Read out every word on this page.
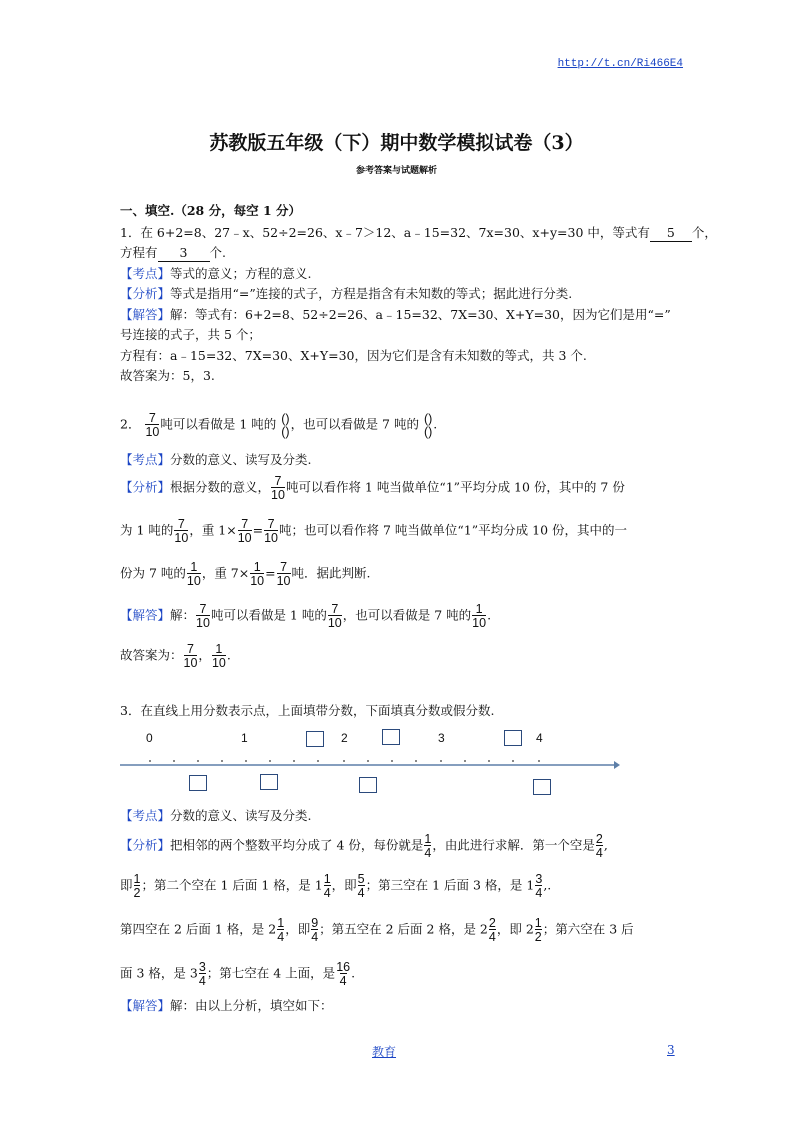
http://t.cn/Ri466E4
苏教版五年级（下）期中数学模拟试卷（3）
参考答案与试题解析
一、填空.（28 分，每空 1 分）
1．在 6+2=8、27﹣x、52÷2=26、x﹣7＞12、a﹣15=32、7x=30、x+y=30 中，等式有 5 个，
方程有 3 个.
【考点】等式的意义；方程的意义.
【分析】等式是指用“=”连接的式子，方程是指含有未知数的等式；据此进行分类.
【解答】解：等式有：6+2=8、52÷2=26、a﹣15=32、7X=30、X+Y=30，因为它们是用“=”
号连接的式子，共 5 个；
方程有：a﹣15=32、7X=30、X+Y=30，因为它们是含有未知数的等式，共 3 个.
故答案为：5，3.
2． $\frac{7}{10}$ 吨可以看做是 1 吨的 ()
() ，也可以看做是 7 吨的 ()
() .
【考点】分数的意义、读写及分类.
【分析】根据分数的意义， $\frac{7}{10}$ 吨可以看作将 1 吨当做单位“1”平均分成 10 份，其中的 7 份
为 1 吨的 $\frac{7}{10}$ ，重 $1\times \frac{7}{10} = \frac{7}{10}$ 吨；也可以看作将 7 吨当做单位“1”平均分成 10 份，其中的一
份为 7 吨的 $\frac{1}{10}$ ，重 $7\times \frac{1}{10} = \frac{7}{10}$ 吨．据此判断.
【解答】解： $\frac{7}{10}$ 吨可以看做是 1 吨的 $\frac{7}{10}$ ，也可以看做是 7 吨的 $\frac{1}{10}$ .
故答案为： $\frac{7}{10}$ ， $\frac{1}{10}$ .
3．在直线上用分数表示点，上面填带分数，下面填真分数或假分数.
0	1	2	3	4
【考点】分数的意义、读写及分类.
【分析】把相邻的两个整数平均分成了 4 份，每份就是 $\frac{1}{4}$ ，由此进行求解．第一个空是 $\frac{2}{4}$ ,
即 $\frac{1}{2}$ ；第二个空在 1 后面 1 格，是 $1 \frac{1}{4}$ ，即 $\frac{5}{4}$ ；第三空在 1 后面 3 格，是 $1 \frac{3}{4}$ ,.
第四空在 2 后面 1 格，是 $2 \frac{1}{4}$ ，即 $\frac{9}{4}$ ；第五空在 2 后面 2 格，是 $2 \frac{2}{4}$ ，即 $2 \frac{1}{2}$ ；第六空在 3 后
面 3 格，是 $3 \frac{3}{4}$ ；第七空在 4 上面，是 $\frac{16}{4}$ .
【解答】解：由以上分析，填空如下：
教育	3
